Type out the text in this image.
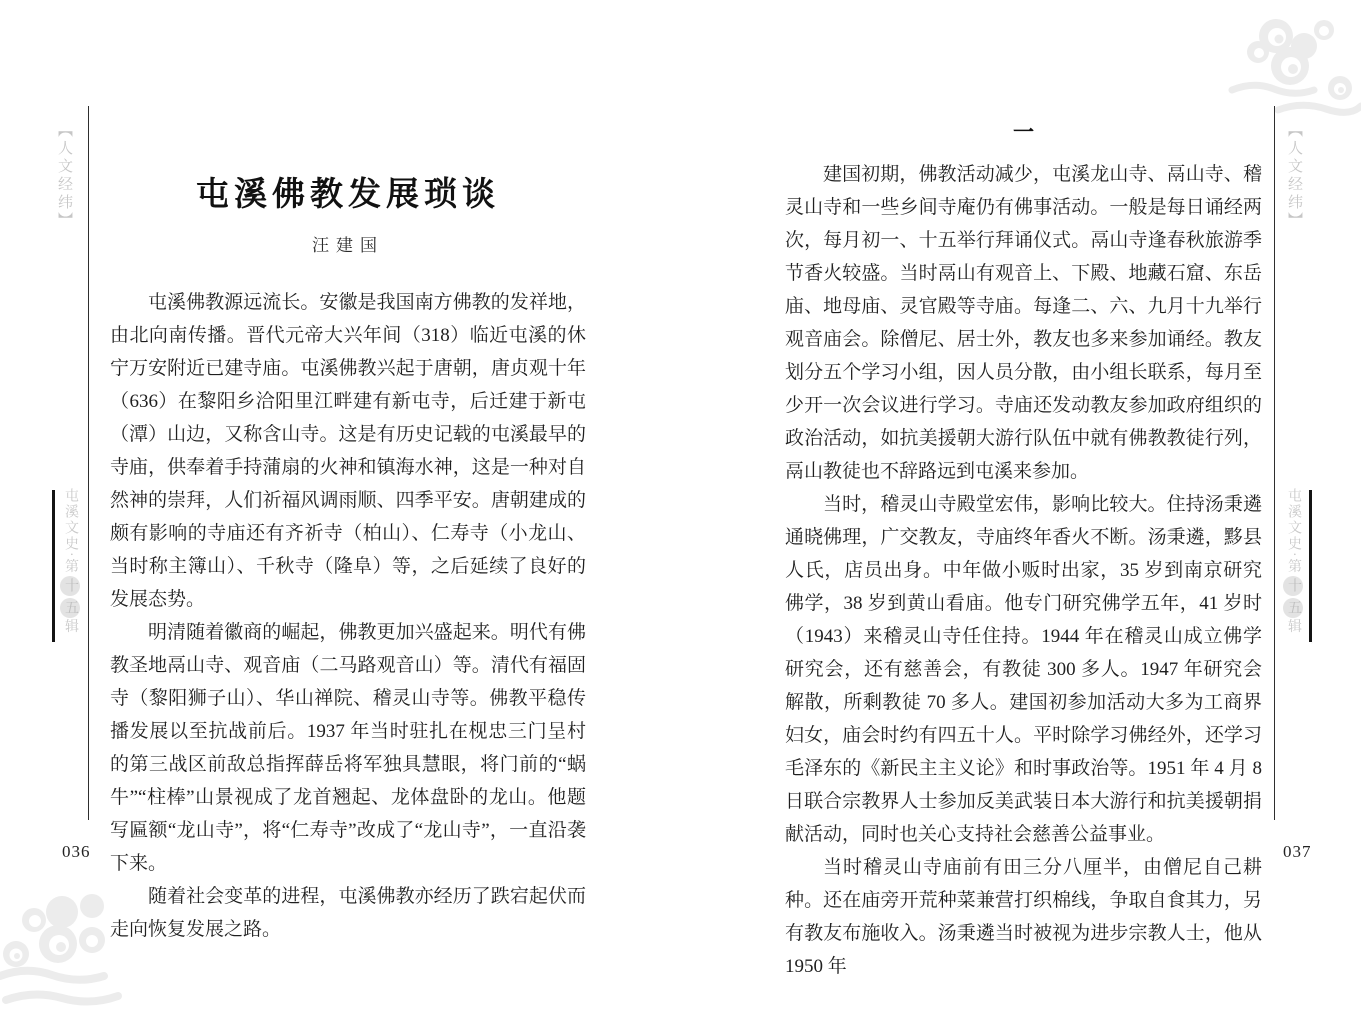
【人文经纬】
屯溪文史·第十五辑
036
屯溪佛教发展琐谈
汪建国

屯溪佛教源远流长。安徽是我国南方佛教的发祥地，由北向南传播。晋代元帝大兴年间（318）临近屯溪的休宁万安附近已建寺庙。屯溪佛教兴起于唐朝，唐贞观十年（636）在黎阳乡洽阳里江畔建有新屯寺，后迁建于新屯（潭）山边，又称含山寺。这是有历史记载的屯溪最早的寺庙，供奉着手持蒲扇的火神和镇海水神，这是一种对自然神的崇拜，人们祈福风调雨顺、四季平安。唐朝建成的颇有影响的寺庙还有齐祈寺（柏山）、仁寿寺（小龙山、当时称主簿山）、千秋寺（隆阜）等，之后延续了良好的发展态势。

明清随着徽商的崛起，佛教更加兴盛起来。明代有佛教圣地鬲山寺、观音庙（二马路观音山）等。清代有福固寺（黎阳狮子山）、华山禅院、稽灵山寺等。佛教平稳传播发展以至抗战前后。1937 年当时驻扎在枧忠三门呈村的第三战区前敌总指挥薛岳将军独具慧眼，将门前的“蜗牛”“柱棒”山景视成了龙首翘起、龙体盘卧的龙山。他题写匾额“龙山寺”，将“仁寿寺”改成了“龙山寺”，一直沿袭下来。

随着社会变革的进程，屯溪佛教亦经历了跌宕起伏而走向恢复发展之路。

【人文经纬】
屯溪文史·第十五辑
037
一

建国初期，佛教活动减少，屯溪龙山寺、鬲山寺、稽灵山寺和一些乡间寺庵仍有佛事活动。一般是每日诵经两次，每月初一、十五举行拜诵仪式。鬲山寺逢春秋旅游季节香火较盛。当时鬲山有观音上、下殿、地藏石窟、东岳庙、地母庙、灵官殿等寺庙。每逢二、六、九月十九举行观音庙会。除僧尼、居士外，教友也多来参加诵经。教友划分五个学习小组，因人员分散，由小组长联系，每月至少开一次会议进行学习。寺庙还发动教友参加政府组织的政治活动，如抗美援朝大游行队伍中就有佛教教徒行列，鬲山教徒也不辞路远到屯溪来参加。

当时，稽灵山寺殿堂宏伟，影响比较大。住持汤秉遴通晓佛理，广交教友，寺庙终年香火不断。汤秉遴，黟县人氏，店员出身。中年做小贩时出家，35 岁到南京研究佛学，38 岁到黄山看庙。他专门研究佛学五年，41 岁时（1943）来稽灵山寺任住持。1944 年在稽灵山成立佛学研究会，还有慈善会，有教徒 300 多人。1947 年研究会解散，所剩教徒 70 多人。建国初参加活动大多为工商界妇女，庙会时约有四五十人。平时除学习佛经外，还学习毛泽东的《新民主主义论》和时事政治等。1951 年 4 月 8 日联合宗教界人士参加反美武装日本大游行和抗美援朝捐献活动，同时也关心支持社会慈善公益事业。

当时稽灵山寺庙前有田三分八厘半，由僧尼自己耕种。还在庙旁开荒种菜兼营打织棉线，争取自食其力，另有教友布施收入。汤秉遴当时被视为进步宗教人士，他从 1950 年
